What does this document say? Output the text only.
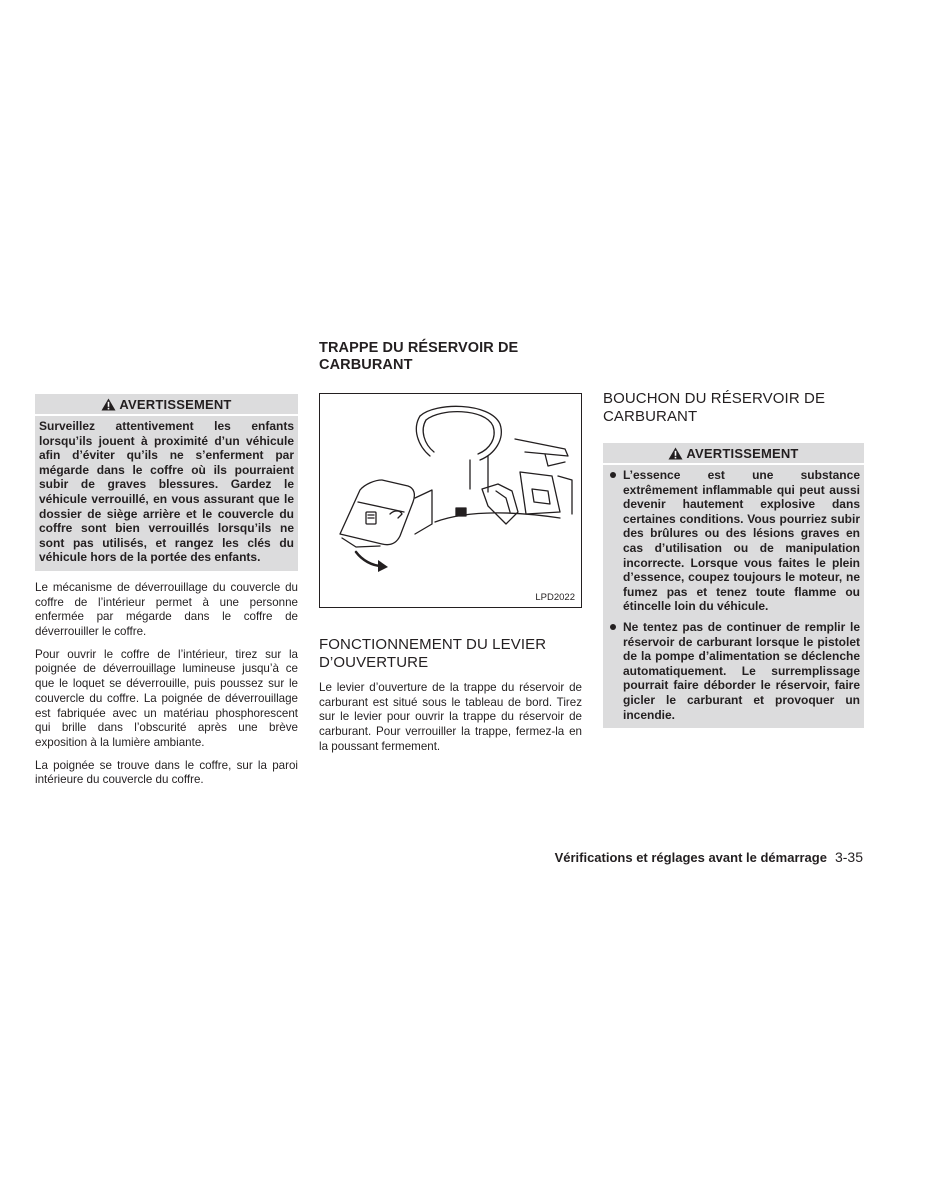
AVERTISSEMENT
Surveillez attentivement les enfants lorsqu’ils jouent à proximité d’un véhicule afin d’éviter qu’ils ne s’enferment par mégarde dans le coffre où ils pourraient subir de graves blessures. Gardez le véhicule verrouillé, en vous assurant que le dossier de siège arrière et le couvercle du coffre sont bien verrouillés lorsqu’ils ne sont pas utilisés, et rangez les clés du véhicule hors de la portée des enfants.

Le mécanisme de déverrouillage du couvercle du coffre de l’intérieur permet à une personne enfermée par mégarde dans le coffre de déverrouiller le coffre.

Pour ouvrir le coffre de l’intérieur, tirez sur la poignée de déverrouillage lumineuse jusqu’à ce que le loquet se déverrouille, puis poussez sur le couvercle du coffre. La poignée de déverrouillage est fabriquée avec un matériau phosphorescent qui brille dans l’obscurité après une brève exposition à la lumière ambiante.

La poignée se trouve dans le coffre, sur la paroi intérieure du couvercle du coffre.

TRAPPE DU RÉSERVOIR DE CARBURANT
LPD2022
FONCTIONNEMENT DU LEVIER D’OUVERTURE

Le levier d’ouverture de la trappe du réservoir de carburant est situé sous le tableau de bord. Tirez sur le levier pour ouvrir la trappe du réservoir de carburant. Pour verrouiller la trappe, fermez-la en la poussant fermement.

BOUCHON DU RÉSERVOIR DE CARBURANT
AVERTISSEMENT
L’essence est une substance extrêmement inflammable qui peut aussi devenir hautement explosive dans certaines conditions. Vous pourriez subir des brûlures ou des lésions graves en cas d’utilisation ou de manipulation incorrecte. Lorsque vous faites le plein d’essence, coupez toujours le moteur, ne fumez pas et tenez toute flamme ou étincelle loin du véhicule.
Ne tentez pas de continuer de remplir le réservoir de carburant lorsque le pistolet de la pompe d’alimentation se déclenche automatiquement. Le surremplissage pourrait faire déborder le réservoir, faire gicler le carburant et provoquer un incendie.
Vérifications et réglages avant le démarrage 3-35
